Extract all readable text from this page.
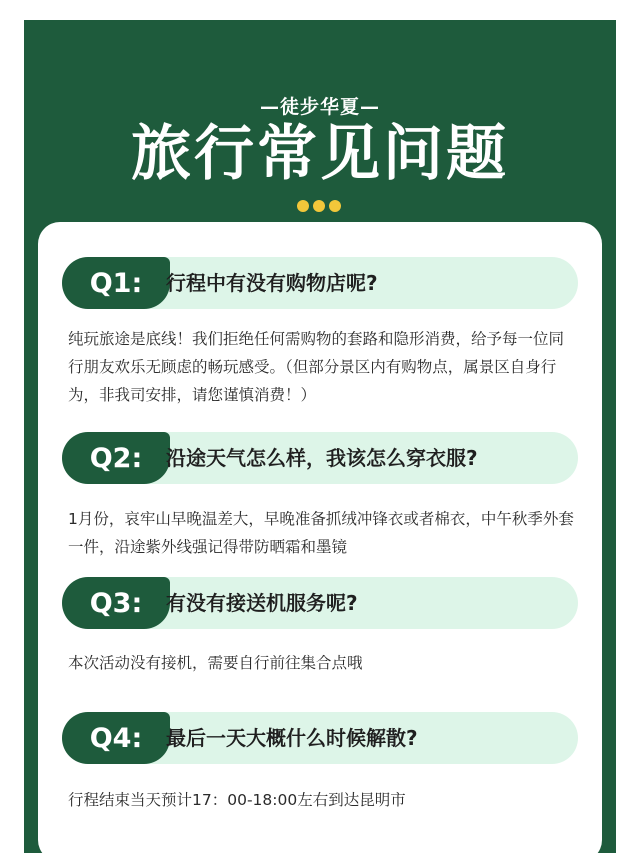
—徒步华夏—
旅行常见问题
Q1:	行程中有没有购物店呢?
纯玩旅途是底线！我们拒绝任何需购物的套路和隐形消费，给予每一位同行朋友欢乐无顾虑的畅玩感受。（但部分景区内有购物点，属景区自身行为，非我司安排，请您谨慎消费！）
Q2:	沿途天气怎么样，我该怎么穿衣服?
1月份，哀牢山早晚温差大，早晚准备抓绒冲锋衣或者棉衣，中午秋季外套一件，沿途紫外线强记得带防晒霜和墨镜
Q3:	有没有接送机服务呢?
本次活动没有接机，需要自行前往集合点哦
Q4:	最后一天大概什么时候解散?
行程结束当天预计17：00-18:00左右到达昆明市
